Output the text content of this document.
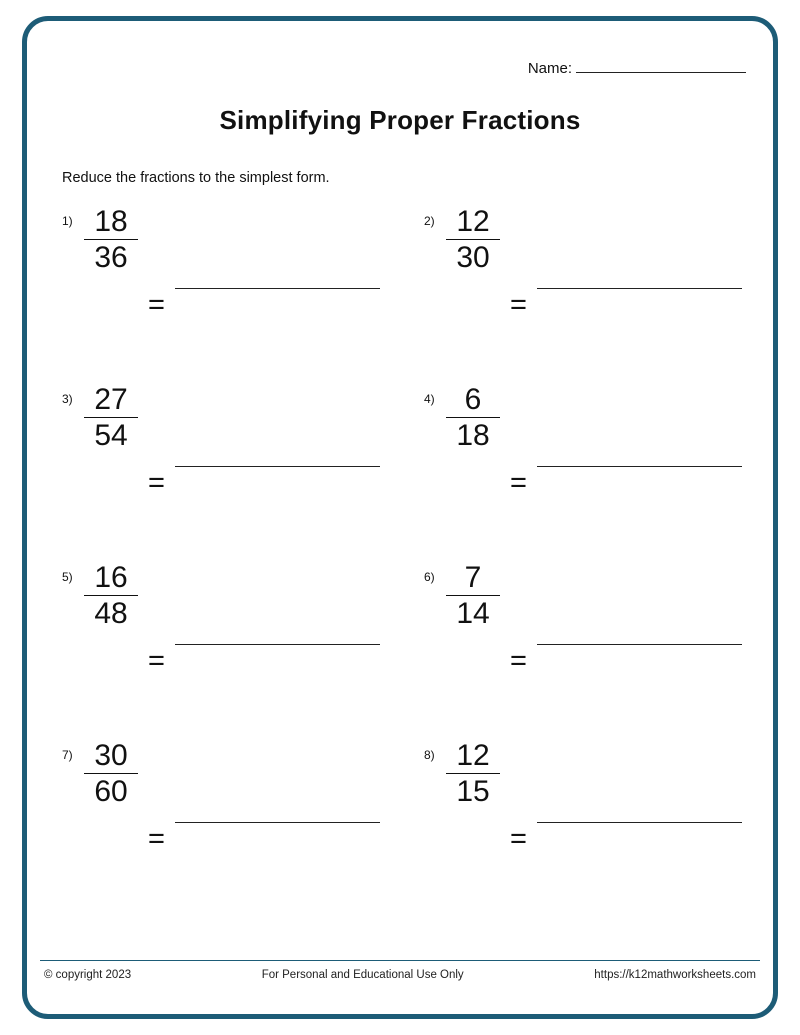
Name:
Simplifying Proper Fractions
Reduce the fractions to the simplest form.
$1) \frac{18}{36}$
=
$2) \frac{12}{30}$
=
$3) \frac{27}{54}$
=
$4) \frac{6}{18}$
=
$5) \frac{16}{48}$
=
$6) \frac{7}{14}$
=
$7) \frac{30}{60}$
=
$8) \frac{12}{15}$
=
© copyright 2023	For Personal and Educational Use Only	https://k12mathworksheets.com
